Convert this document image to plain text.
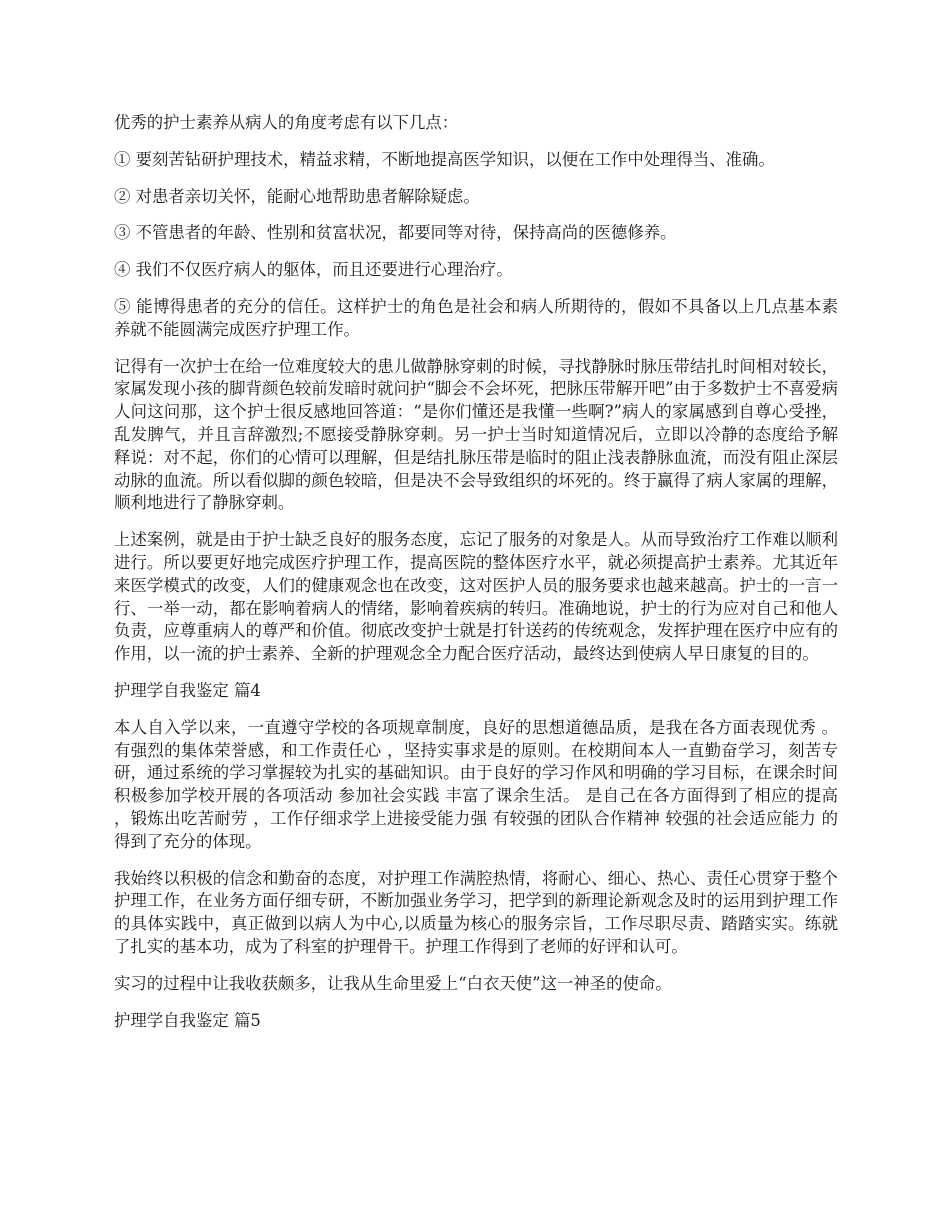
优秀的护士素养从病人的角度考虑有以下几点：

① 要刻苦钻研护理技术，精益求精，不断地提高医学知识，以便在工作中处理得当、准确。

② 对患者亲切关怀，能耐心地帮助患者解除疑虑。

③ 不管患者的年龄、性别和贫富状况，都要同等对待，保持高尚的医德修养。

④ 我们不仅医疗病人的躯体，而且还要进行心理治疗。

⑤ 能博得患者的充分的信任。这样护士的角色是社会和病人所期待的，假如不具备以上几点基本素养就不能圆满完成医疗护理工作。

记得有一次护士在给一位难度较大的患儿做静脉穿刺的时候，寻找静脉时脉压带结扎时间相对较长，家属发现小孩的脚背颜色较前发暗时就问护“脚会不会坏死，把脉压带解开吧”由于多数护士不喜爱病人问这问那，这个护士很反感地回答道：“是你们懂还是我懂一些啊?”病人的家属感到自尊心受挫，乱发脾气，并且言辞激烈;不愿接受静脉穿刺。另一护士当时知道情况后，立即以冷静的态度给予解释说：对不起，你们的心情可以理解，但是结扎脉压带是临时的阻止浅表静脉血流，而没有阻止深层动脉的血流。所以看似脚的颜色较暗，但是决不会导致组织的坏死的。终于赢得了病人家属的理解，顺利地进行了静脉穿刺。

上述案例，就是由于护士缺乏良好的服务态度，忘记了服务的对象是人。从而导致治疗工作难以顺利进行。所以要更好地完成医疗护理工作，提高医院的整体医疗水平，就必须提高护士素养。尤其近年来医学模式的改变，人们的健康观念也在改变，这对医护人员的服务要求也越来越高。护士的一言一行、一举一动，都在影响着病人的情绪，影响着疾病的转归。准确地说，护士的行为应对自己和他人负责，应尊重病人的尊严和价值。彻底改变护士就是打针送药的传统观念，发挥护理在医疗中应有的作用，以一流的护士素养、全新的护理观念全力配合医疗活动，最终达到使病人早日康复的目的。

护理学自我鉴定 篇4

本人自入学以来，一直遵守学校的各项规章制度，良好的思想道德品质，是我在各方面表现优秀 。有强烈的集体荣誉感，和工作责任心 ，坚持实事求是的原则。在校期间本人一直勤奋学习，刻苦专研，通过系统的学习掌握较为扎实的基础知识。由于良好的学习作风和明确的学习目标，在课余时间积极参加学校开展的各项活动 参加社会实践 丰富了课余生活。 是自己在各方面得到了相应的提高 ，锻炼出吃苦耐劳 ，工作仔细求学上进接受能力强 有较强的团队合作精神 较强的社会适应能力 的得到了充分的体现。

我始终以积极的信念和勤奋的态度，对护理工作满腔热情，将耐心、细心、热心、责任心贯穿于整个护理工作，在业务方面仔细专研，不断加强业务学习，把学到的新理论新观念及时的运用到护理工作的具体实践中，真正做到以病人为中心,以质量为核心的服务宗旨，工作尽职尽责、踏踏实实。练就了扎实的基本功，成为了科室的护理骨干。护理工作得到了老师的好评和认可。

实习的过程中让我收获颇多，让我从生命里爱上“白衣天使”这一神圣的使命。

护理学自我鉴定 篇5
